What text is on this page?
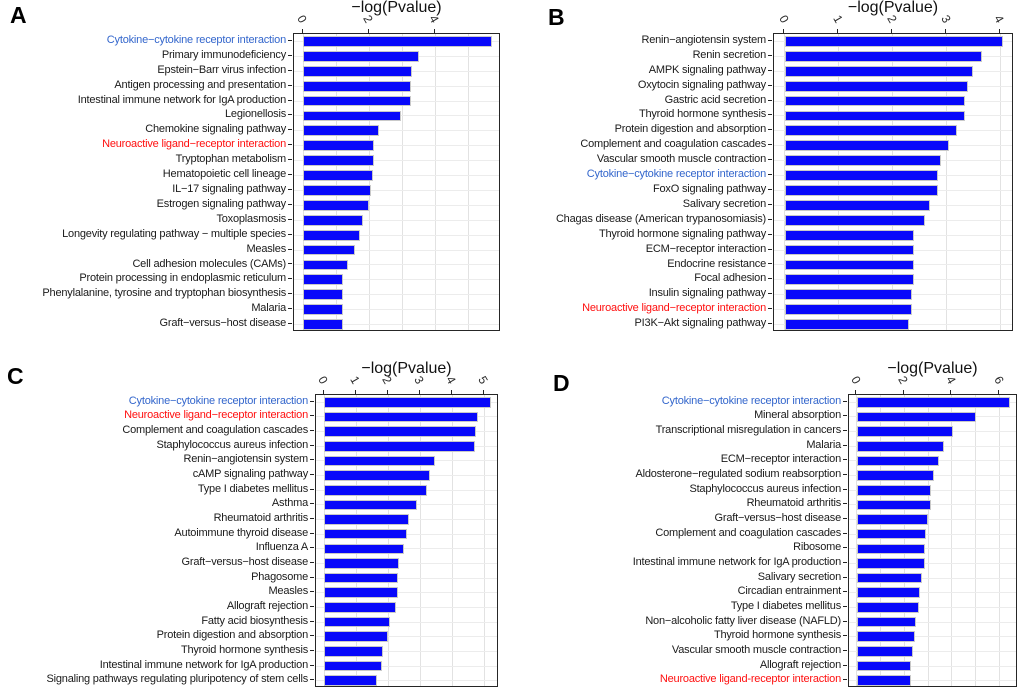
A	−log(Pvalue)
0	2	4
Cytokine−cytokine receptor interaction
Primary immunodeficiency
Epstein−Barr virus infection
Antigen processing and presentation
Intestinal immune network for IgA production
Legionellosis
Chemokine signaling pathway
Neuroactive ligand−receptor interaction
Tryptophan metabolism
Hematopoietic cell lineage
IL−17 signaling pathway
Estrogen signaling pathway
Toxoplasmosis
Longevity regulating pathway − multiple species
Measles
Cell adhesion molecules (CAMs)
Protein processing in endoplasmic reticulum
Phenylalanine, tyrosine and tryptophan biosynthesis
Malaria
Graft−versus−host disease
B	−log(Pvalue)
0	1	2	3	4
Renin−angiotensin system
Renin secretion
AMPK signaling pathway
Oxytocin signaling pathway
Gastric acid secretion
Thyroid hormone synthesis
Protein digestion and absorption
Complement and coagulation cascades
Vascular smooth muscle contraction
Cytokine−cytokine receptor interaction
FoxO signaling pathway
Salivary secretion
Chagas disease (American trypanosomiasis)
Thyroid hormone signaling pathway
ECM−receptor interaction
Endocrine resistance
Focal adhesion
Insulin signaling pathway
Neuroactive ligand−receptor interaction
PI3K−Akt signaling pathway
C	−log(Pvalue)
0 1 2 3 4 5
Cytokine−cytokine receptor interaction
Neuroactive ligand−receptor interaction
Complement and coagulation cascades
Staphylococcus aureus infection
Renin−angiotensin system
cAMP signaling pathway
Type I diabetes mellitus
Asthma
Rheumatoid arthritis
Autoimmune thyroid disease
Influenza A
Graft−versus−host disease
Phagosome
Measles
Allograft rejection
Fatty acid biosynthesis
Protein digestion and absorption
Thyroid hormone synthesis
Intestinal immune network for IgA production
Signaling pathways regulating pluripotency of stem cells
D
−log(Pvalue)
0	2	4	6
Cytokine−cytokine receptor interaction
Mineral absorption
Transcriptional misregulation in cancers
Malaria
ECM−receptor interaction
Aldosterone−regulated sodium reabsorption
Staphylococcus aureus infection
Rheumatoid arthritis
Graft−versus−host disease
Complement and coagulation cascades
Ribosome
Intestinal immune network for IgA production
Salivary secretion
Circadian entrainment
Type I diabetes mellitus
Non−alcoholic fatty liver disease (NAFLD)
Thyroid hormone synthesis
Vascular smooth muscle contraction
Allograft rejection
Neuroactive ligand-receptor interaction
